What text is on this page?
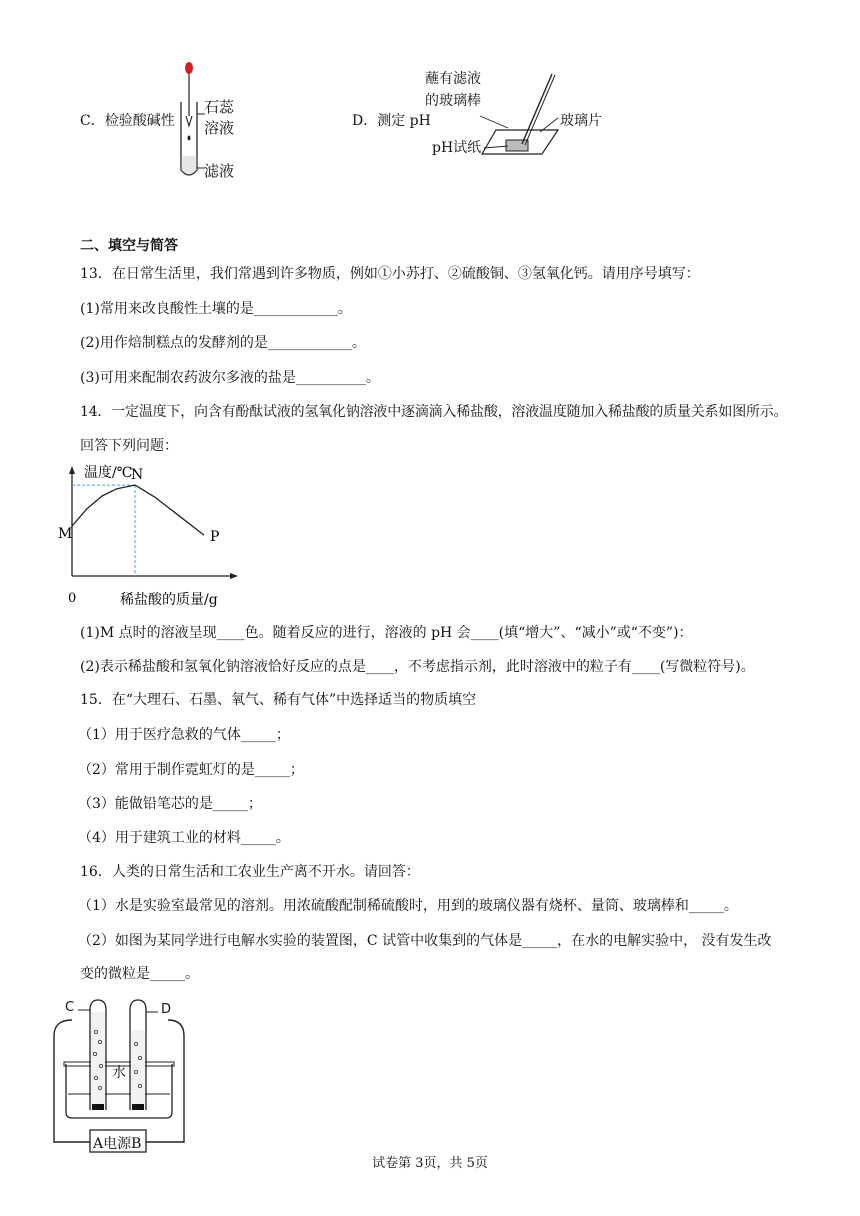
C．检验酸碱性
石蕊
溶液
滤液
D．测定 pH
蘸有滤液
的玻璃棒
玻璃片
pH试纸
二、填空与简答
13．在日常生活里，我们常遇到许多物质，例如①小苏打、②硫酸铜、③氢氧化钙。请用序号填写：
(1)常用来改良酸性土壤的是____________。
(2)用作焙制糕点的发酵剂的是____________。
(3)可用来配制农药波尔多液的盐是__________。
14．一定温度下，向含有酚酞试液的氢氧化钠溶液中逐滴滴入稀盐酸，溶液温度随加入稀盐酸的质量关系如图所示。
回答下列问题：
M
N
P
温度/℃
稀盐酸的质量/g
0
(1)M 点时的溶液呈现____色。随着反应的进行，溶液的 pH 会____(填“增大”、“减小”或“不变”)：
(2)表示稀盐酸和氢氧化钠溶液恰好反应的点是____，不考虑指示剂，此时溶液中的粒子有____(写微粒符号)。
15．在“大理石、石墨、氧气、稀有气体”中选择适当的物质填空
（1）用于医疗急救的气体_____；
（2）常用于制作霓虹灯的是_____；
（3）能做铅笔芯的是_____；
（4）用于建筑工业的材料_____。
16．人类的日常生活和工农业生产离不开水。请回答：
（1）水是实验室最常见的溶剂。用浓硫酸配制稀硫酸时，用到的玻璃仪器有烧杯、量筒、玻璃棒和_____。
（2）如图为某同学进行电解水实验的装置图，C 试管中收集到的气体是_____，在水的电解实验中， 没有发生改
变的微粒是_____。
C	D
水
A电源B
试卷第 3页，共 5页
